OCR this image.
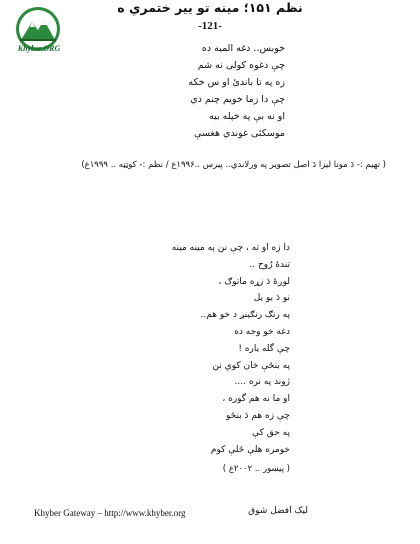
Khyber.ORG
-121-
خوبس.. دغه المیه ده
چې دغوه کولی نه شم
زه په تا باندئ او س خکه
چې دا زما خویم چنم دي
او نه بې په خپله بیه
موسکئی غوندي هغسې
( تهیم :- دَ مونا لیزا دَ اصل تصویر په ورلاندي.. پیرس ..۱۹۹۶ع / نظم :- کوټټه .. ۱۹۹۹ع)
نظم ۱۵۱؛ مینه تو ییر ختمري ه
دا زه او ته ، چې نن په مینه مینه
تندهٔ رُوح ..
لوږهٔ دَ زړه ماتوګ ،
نو دَ بو یل
په رنګ رنګینږ د خو هم..
دغه خو وجه ده
چې گله یاره !
په بنځې خان کوې نن
ژوند په نره ....
او ما نه هم گوره ،
چې زه هم دَ بنځو
په حق کې
خومره هلې ځلې کوم
( پیښور .. ۲۰۰۲ع )
Khyber Gateway – http://www.khyber.org	لیک افضل شوق
